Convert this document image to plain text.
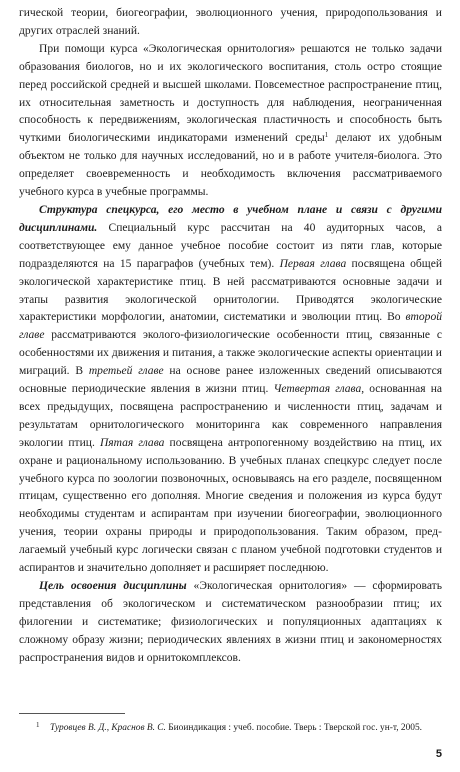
гической теории, биогеографии, эволюционного учения, природопользования и других отраслей знаний.

При помощи курса «Экологическая орнитология» решаются не только задачи образования биологов, но и их экологического воспитания, столь остро стоящие перед российской средней и высшей школами. Повсеместное распространение птиц, их относительная заметность и доступность для наблюдения, неограниченная способность к передвижениям, экологическая пластичность и способность быть чуткими биологическими индикаторами изменений среды$^1$ делают их удобным объектом не только для научных исследований, но и в работе учителя-биолога. Это определяет своевременность и необходимость включения рассматриваемого учебного курса в учебные программы.

Структура спецкурса, его место в учебном плане и связи с другими дисциплинами. Специальный курс рассчитан на 40 аудиторных часов, а соответствующее ему данное учебное пособие состоит из пяти глав, которые подразделяются на 15 параграфов (учебных тем). Первая глава посвящена общей экологической характеристике птиц. В ней рассматриваются основные задачи и этапы развития экологической орнитологии. Приводятся экологические характеристики морфологии, анатомии, систематики и эволюции птиц. Во второй главе рассматриваются эколого-физиологические особенности птиц, связанные с особенностями их движения и питания, а также экологические аспекты ориентации и миграций. В третьей главе на основе ранее изложенных сведений описываются основные периодические явления в жизни птиц. Четвертая глава, основанная на всех предыдущих, посвящена распространению и численности птиц, задачам и результатам орнитологического мониторинга как современного направления экологии птиц. Пятая глава посвящена антропогенному воздействию на птиц, их охране и рациональному использованию. В учебных планах спецкурс следует после учебного курса по зоологии позвоночных, основываясь на его разделе, посвященном птицам, существенно его дополняя. Многие сведения и положения из курса будут необходимы студентам и аспирантам при изучении биогеографии, эволюционного учения, теории охраны природы и природопользования. Таким образом, предлагаемый учебный курс логически связан с планом учебной подготовки студентов и аспирантов и значительно дополняет и расширяет последнюю.

Цель освоения дисциплины «Экологическая орнитология» — сформировать представления об экологическом и систематическом разнообразии птиц; их филогении и систематике; физиологических и популяционных адаптациях к сложному образу жизни; периодических явлениях в жизни птиц и закономерностях распространения видов и орнитокомплексов.

1 Туровцев В. Д., Краснов В. С. Биоиндикация : учеб. пособие. Тверь : Тверской гос. ун-т, 2005.
5
